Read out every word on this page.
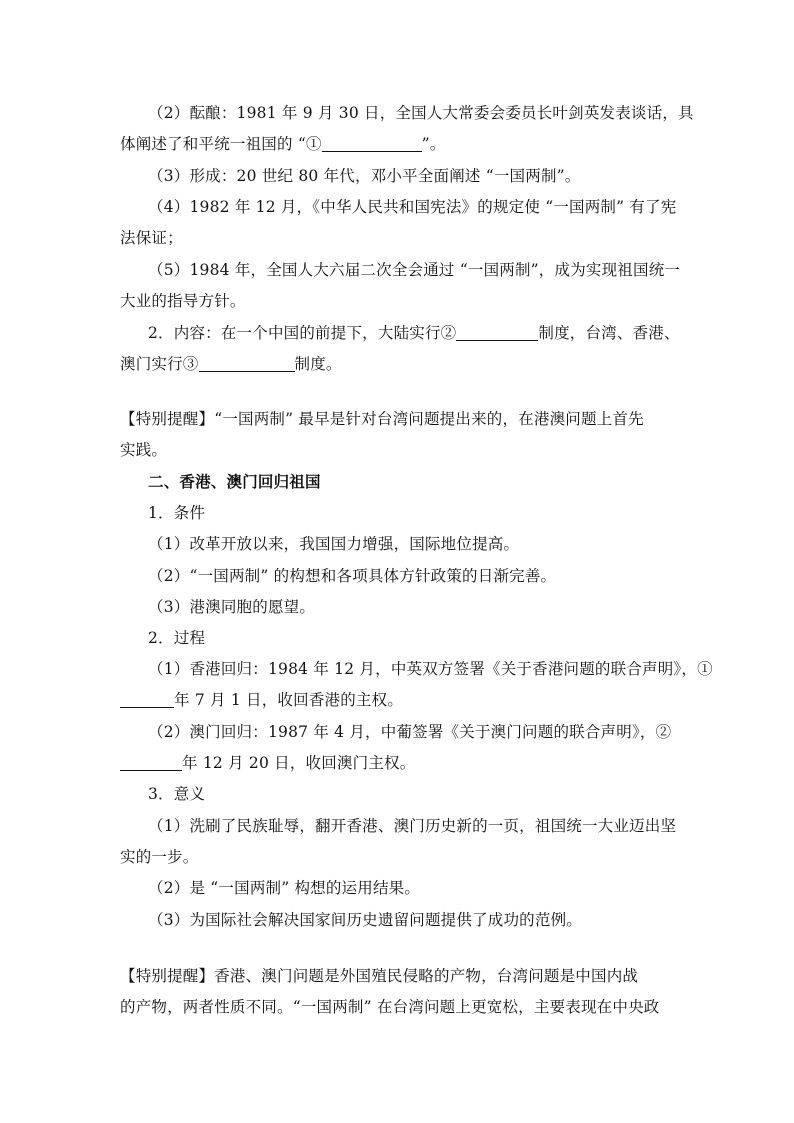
（2）酝酿：1981 年 9 月 30 日，全国人大常委会委员长叶剑英发表谈话，具
体阐述了和平统一祖国的 “①	”。
（3）形成：20 世纪 80 年代，邓小平全面阐述 “一国两制”。
（4）1982 年 12 月，《中华人民共和国宪法》的规定使 “一国两制” 有了宪
法保证；
（5）1984 年，全国人大六届二次全会通过 “一国两制”，成为实现祖国统一
大业的指导方针。
2．内容：在一个中国的前提下，大陆实行②	制度，台湾、香港、
澳门实行③	制度。
【特别提醒】“一国两制” 最早是针对台湾问题提出来的，在港澳问题上首先
实践。
二、香港、澳门回归祖国
1．条件
（1）改革开放以来，我国国力增强，国际地位提高。
（2）“一国两制” 的构想和各项具体方针政策的日渐完善。
（3）港澳同胞的愿望。
2．过程
（1）香港回归：1984 年 12 月，中英双方签署《关于香港问题的联合声明》，①
年 7 月 1 日，收回香港的主权。
（2）澳门回归：1987 年 4 月，中葡签署《关于澳门问题的联合声明》，②
年 12 月 20 日，收回澳门主权。
3．意义
（1）洗刷了民族耻辱，翻开香港、澳门历史新的一页，祖国统一大业迈出坚
实的一步。
（2）是 “一国两制” 构想的运用结果。
（3）为国际社会解决国家间历史遗留问题提供了成功的范例。
【特别提醒】香港、澳门问题是外国殖民侵略的产物，台湾问题是中国内战
的产物，两者性质不同。“一国两制” 在台湾问题上更宽松，主要表现在中央政
